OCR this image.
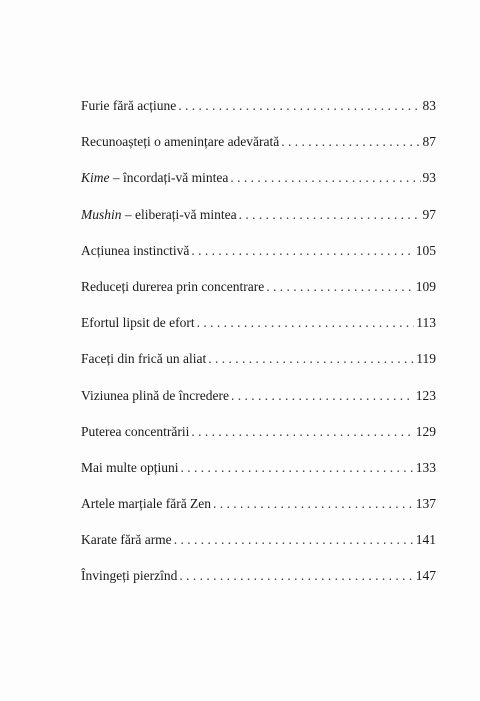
Furie fără acțiune . . .	83
Recunoașteți o amenințare adevărată . . .	87
Kime – încordați-vă mintea . . .	93
Mushin – eliberați-vă mintea . . .	97
Acțiunea instinctivă . . .	105
Reduceți durerea prin concentrare . . .	109
Efortul lipsit de efort . . .	113
Faceți din frică un aliat . . .	119
Viziunea plină de încredere . . .	123
Puterea concentrării . . .	129
Mai multe opțiuni . . .	133
Artele marțiale fără Zen . . .	137
Karate fără arme . . .	141
Învingeți pierzînd . . .	147
